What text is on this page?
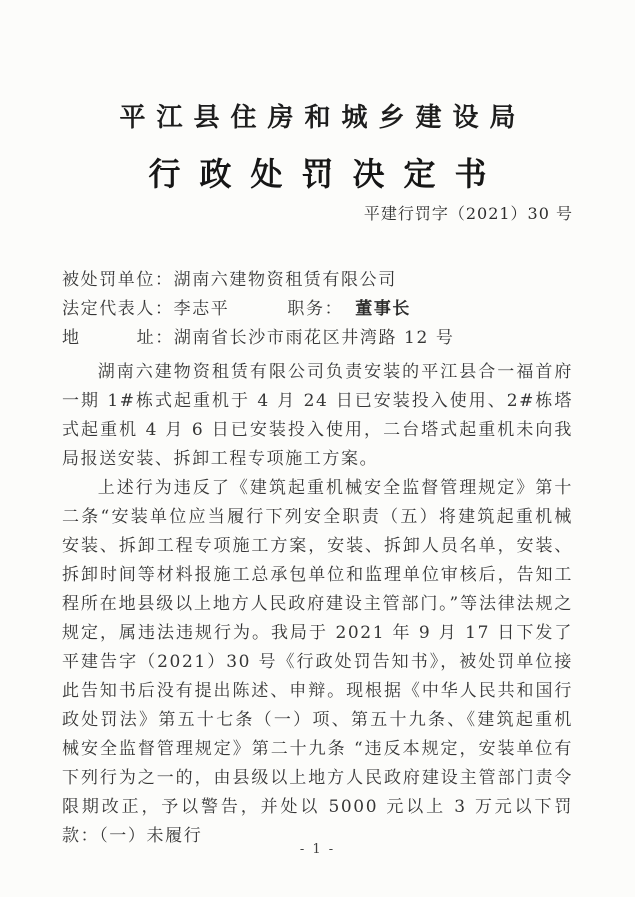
平江县住房和城乡建设局
行政处罚决定书
平建行罚字（2021）30 号
被处罚单位：湖南六建物资租赁有限公司
法定代表人：李志平	职务： 董事长
地        址：湖南省长沙市雨花区井湾路 12 号

湖南六建物资租赁有限公司负责安装的平江县合一福首府一期 1#栋式起重机于 4 月 24 日已安装投入使用、2#栋塔式起重机 4 月 6 日已安装投入使用，二台塔式起重机未向我局报送安装、拆卸工程专项施工方案。

上述行为违反了《建筑起重机械安全监督管理规定》第十二条“安装单位应当履行下列安全职责（五）将建筑起重机械安装、拆卸工程专项施工方案，安装、拆卸人员名单，安装、拆卸时间等材料报施工总承包单位和监理单位审核后，告知工程所在地县级以上地方人民政府建设主管部门。”等法律法规之规定，属违法违规行为。我局于 2021 年 9 月 17 日下发了平建告字（2021）30 号《行政处罚告知书》，被处罚单位接此告知书后没有提出陈述、申辩。现根据《中华人民共和国行政处罚法》第五十七条（一）项、第五十九条、《建筑起重机械安全监督管理规定》第二十九条 “违反本规定，安装单位有下列行为之一的，由县级以上地方人民政府建设主管部门责令限期改正，予以警告，并处以 5000 元以上 3 万元以下罚款：（一）未履行

- 1 -
